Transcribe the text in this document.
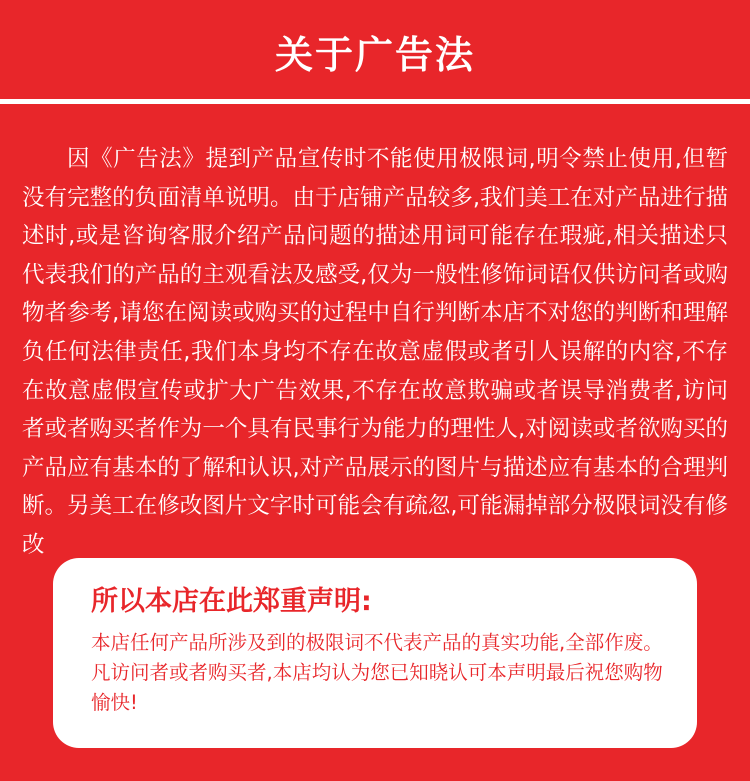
关于广告法
因《广告法》提到产品宣传时不能使用极限词,明令禁止使用,但暂没有完整的负面清单说明。由于店铺产品较多,我们美工在对产品进行描述时,或是咨询客服介绍产品问题的描述用词可能存在瑕疵,相关描述只代表我们的产品的主观看法及感受,仅为一般性修饰词语仅供访问者或购物者参考,请您在阅读或购买的过程中自行判断本店不对您的判断和理解负任何法律责任,我们本身均不存在故意虚假或者引人误解的内容,不存在故意虚假宣传或扩大广告效果,不存在故意欺骗或者误导消费者,访问者或者购买者作为一个具有民事行为能力的理性人,对阅读或者欲购买的产品应有基本的了解和认识,对产品展示的图片与描述应有基本的合理判断。另美工在修改图片文字时可能会有疏忽,可能漏掉部分极限词没有修改
所以本店在此郑重声明:
本店任何产品所涉及到的极限词不代表产品的真实功能,全部作废。凡访问者或者购买者,本店均认为您已知晓认可本声明最后祝您购物愉快!
